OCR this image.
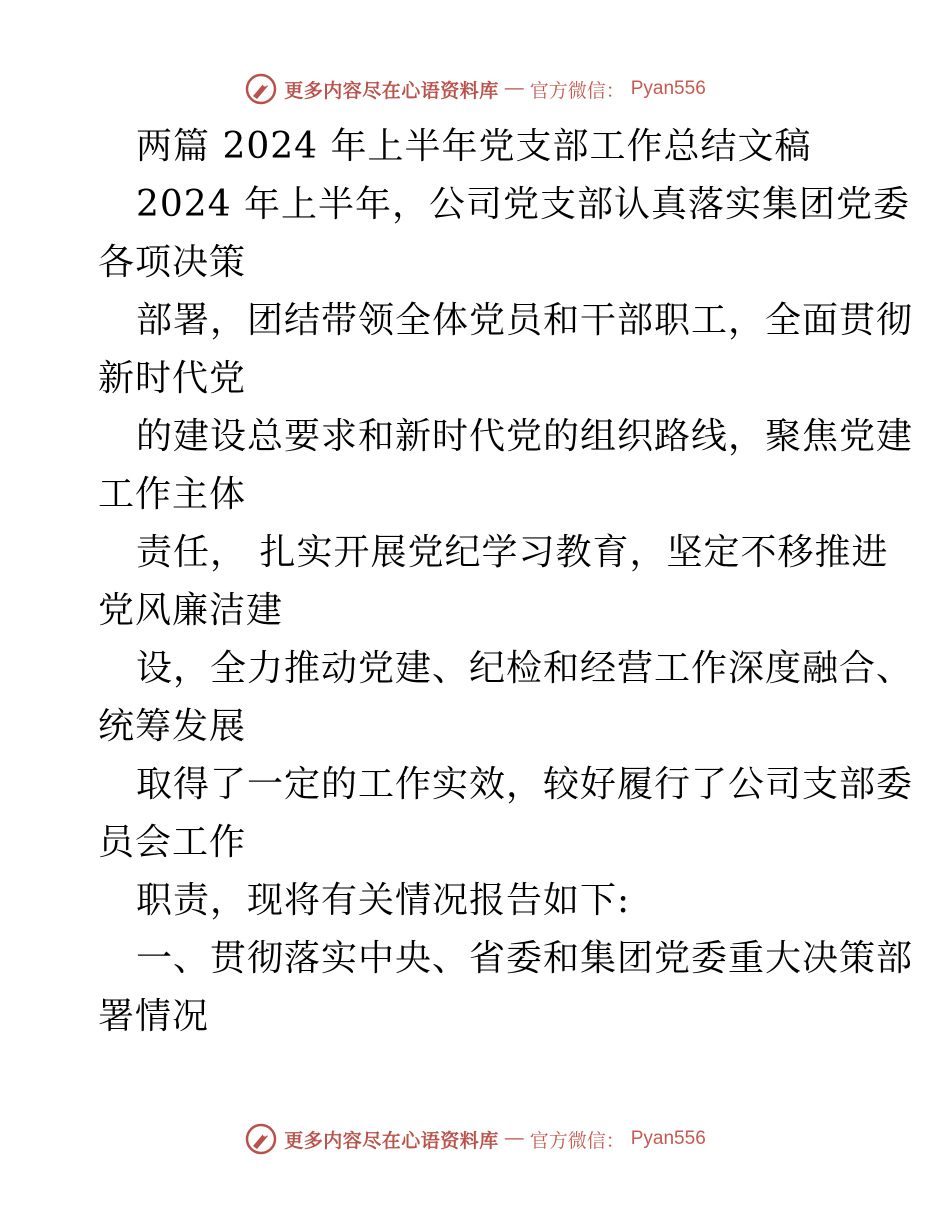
更多内容尽在心语资料库 — 官方微信： Pyan556
两篇 2024 年上半年党支部工作总结文稿
2024 年上半年，公司党支部认真落实集团党委
各项决策
部署，团结带领全体党员和干部职工，全面贯彻
新时代党
的建设总要求和新时代党的组织路线，聚焦党建
工作主体
责任， 扎实开展党纪学习教育，坚定不移推进
党风廉洁建
设，全力推动党建、纪检和经营工作深度融合、
统筹发展
取得了一定的工作实效，较好履行了公司支部委
员会工作
职责，现将有关情况报告如下:
一、贯彻落实中央、省委和集团党委重大决策部
署情况
更多内容尽在心语资料库 — 官方微信： Pyan556
